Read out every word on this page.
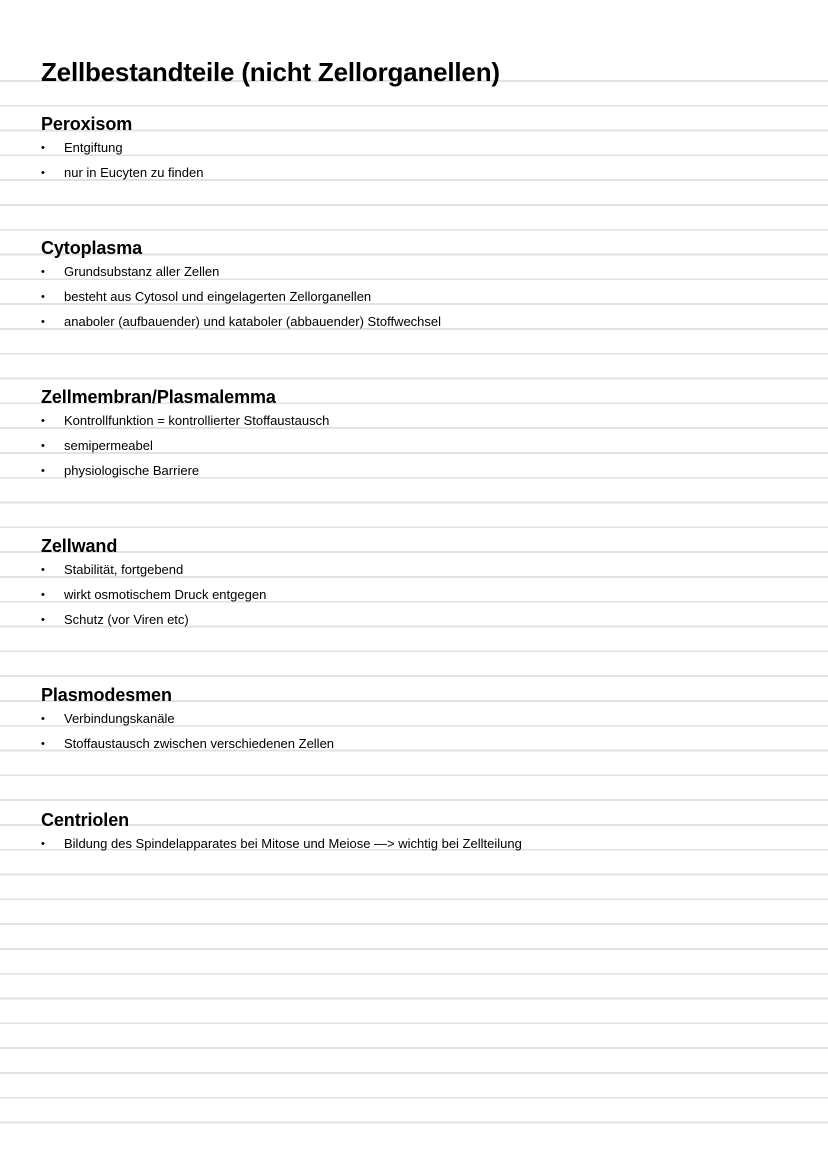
Zellbestandteile (nicht Zellorganellen)
Peroxisom
• Entgiftung
• nur in Eucyten zu finden
Cytoplasma
• Grundsubstanz aller Zellen
• besteht aus Cytosol und eingelagerten Zellorganellen
• anaboler (aufbauender) und kataboler (abbauender) Stoffwechsel
Zellmembran/Plasmalemma
• Kontrollfunktion = kontrollierter Stoffaustausch
• semipermeabel
• physiologische Barriere
Zellwand
• Stabilität, fortgebend
• wirkt osmotischem Druck entgegen
• Schutz (vor Viren etc)
Plasmodesmen
• Verbindungskanäle
• Stoffaustausch zwischen verschiedenen Zellen
Centriolen
• Bildung des Spindelapparates bei Mitose und Meiose —> wichtig bei Zellteilung
